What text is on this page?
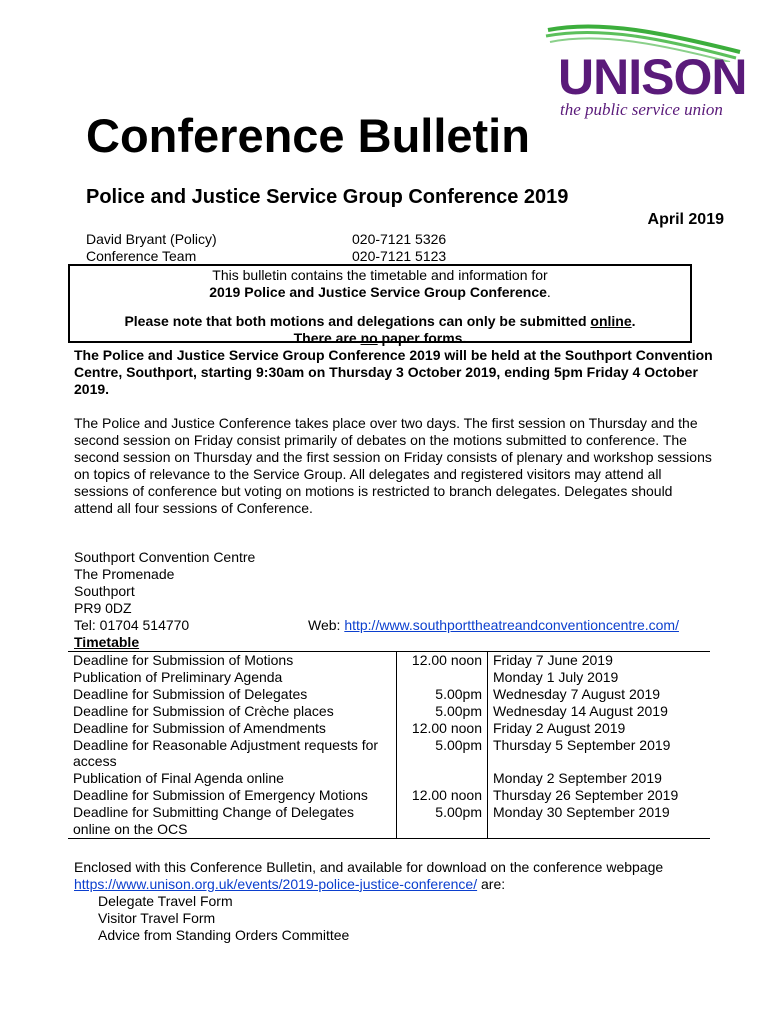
UNISON
the public service union
Conference Bulletin
Police and Justice Service Group Conference 2019
April 2019
David Bryant (Policy)	020-7121 5326
Conference Team	020-7121 5123
This bulletin contains the timetable and information for
2019 Police and Justice Service Group Conference.
Please note that both motions and delegations can only be submitted online.
There are no paper forms.
The Police and Justice Service Group Conference 2019 will be held at the Southport Convention Centre, Southport, starting 9:30am on Thursday 3 October 2019, ending 5pm Friday 4 October 2019.
The Police and Justice Conference takes place over two days. The first session on Thursday and the second session on Friday consist primarily of debates on the motions submitted to conference. The second session on Thursday and the first session on Friday consists of plenary and workshop sessions on topics of relevance to the Service Group. All delegates and registered visitors may attend all sessions of conference but voting on motions is restricted to branch delegates. Delegates should attend all four sessions of Conference.
Southport Convention Centre
The Promenade
Southport
PR9 0DZ
Tel: 01704 514770	Web: http://www.southporttheatreandconventioncentre.com/
Timetable
Deadline for Submission of Motions	12.00 noon	Friday 7 June 2019
Publication of Preliminary Agenda		Monday 1 July 2019
Deadline for Submission of Delegates	5.00pm	Wednesday 7 August 2019
Deadline for Submission of Crèche places	5.00pm	Wednesday 14 August 2019
Deadline for Submission of Amendments	12.00 noon	Friday 2 August 2019
Deadline for Reasonable Adjustment requests for access	5.00pm	Thursday 5 September 2019
Publication of Final Agenda online		Monday 2 September 2019
Deadline for Submission of Emergency Motions	12.00 noon	Thursday 26 September 2019
Deadline for Submitting Change of Delegates online on the OCS	5.00pm	Monday 30 September 2019
Enclosed with this Conference Bulletin, and available for download on the conference webpage https://www.unison.org.uk/events/2019-police-justice-conference/ are:
Delegate Travel Form
Visitor Travel Form
Advice from Standing Orders Committee
